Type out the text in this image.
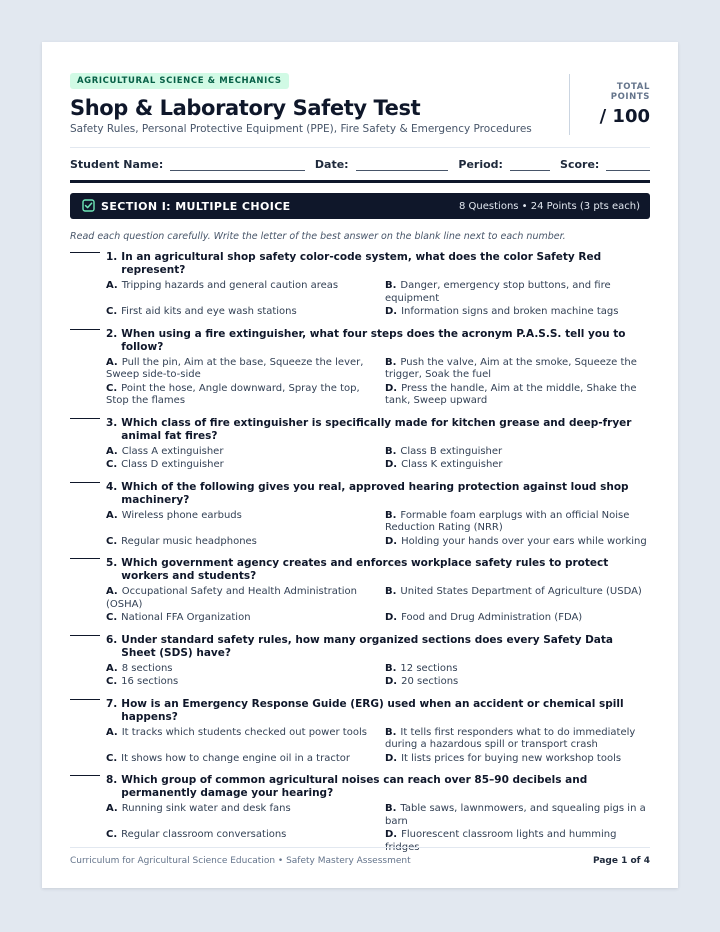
AGRICULTURAL SCIENCE & MECHANICS
Shop & Laboratory Safety Test
Safety Rules, Personal Protective Equipment (PPE), Fire Safety & Emergency Procedures
TOTAL POINTS
/ 100
Student Name:	Date:	Period:	Score:
SECTION I: MULTIPLE CHOICE	8 Questions • 24 Points (3 pts each)
Read each question carefully. Write the letter of the best answer on the blank line next to each number.
1. In an agricultural shop safety color-code system, what does the color Safety Red represent?
A. Tripping hazards and general caution areas	B. Danger, emergency stop buttons, and fire equipment
C. First aid kits and eye wash stations	D. Information signs and broken machine tags
2. When using a fire extinguisher, what four steps does the acronym P.A.S.S. tell you to follow?
A. Pull the pin, Aim at the base, Squeeze the lever, Sweep side-to-side
B. Push the valve, Aim at the smoke, Squeeze the trigger, Soak the fuel
C. Point the hose, Angle downward, Spray the top, Stop the flames
D. Press the handle, Aim at the middle, Shake the tank, Sweep upward
3. Which class of fire extinguisher is specifically made for kitchen grease and deep-fryer animal fat fires?
A. Class A extinguisher	B. Class B extinguisher
C. Class D extinguisher	D. Class K extinguisher
4. Which of the following gives you real, approved hearing protection against loud shop machinery?
A. Wireless phone earbuds	B. Formable foam earplugs with an official Noise Reduction Rating (NRR)
C. Regular music headphones	D. Holding your hands over your ears while working
5. Which government agency creates and enforces workplace safety rules to protect workers and students?
A. Occupational Safety and Health Administration (OSHA)
B. United States Department of Agriculture (USDA)
C. National FFA Organization	D. Food and Drug Administration (FDA)
6. Under standard safety rules, how many organized sections does every Safety Data Sheet (SDS) have?
A. 8 sections	B. 12 sections
C. 16 sections	D. 20 sections
7. How is an Emergency Response Guide (ERG) used when an accident or chemical spill happens?
A. It tracks which students checked out power tools	B. It tells first responders what to do immediately during a hazardous spill or transport crash
C. It shows how to change engine oil in a tractor	D. It lists prices for buying new workshop tools
8. Which group of common agricultural noises can reach over 85–90 decibels and permanently damage your hearing?
A. Running sink water and desk fans	B. Table saws, lawnmowers, and squealing pigs in a barn
C. Regular classroom conversations	D. Fluorescent classroom lights and humming fridges
Curriculum for Agricultural Science Education • Safety Mastery Assessment	Page 1 of 4
